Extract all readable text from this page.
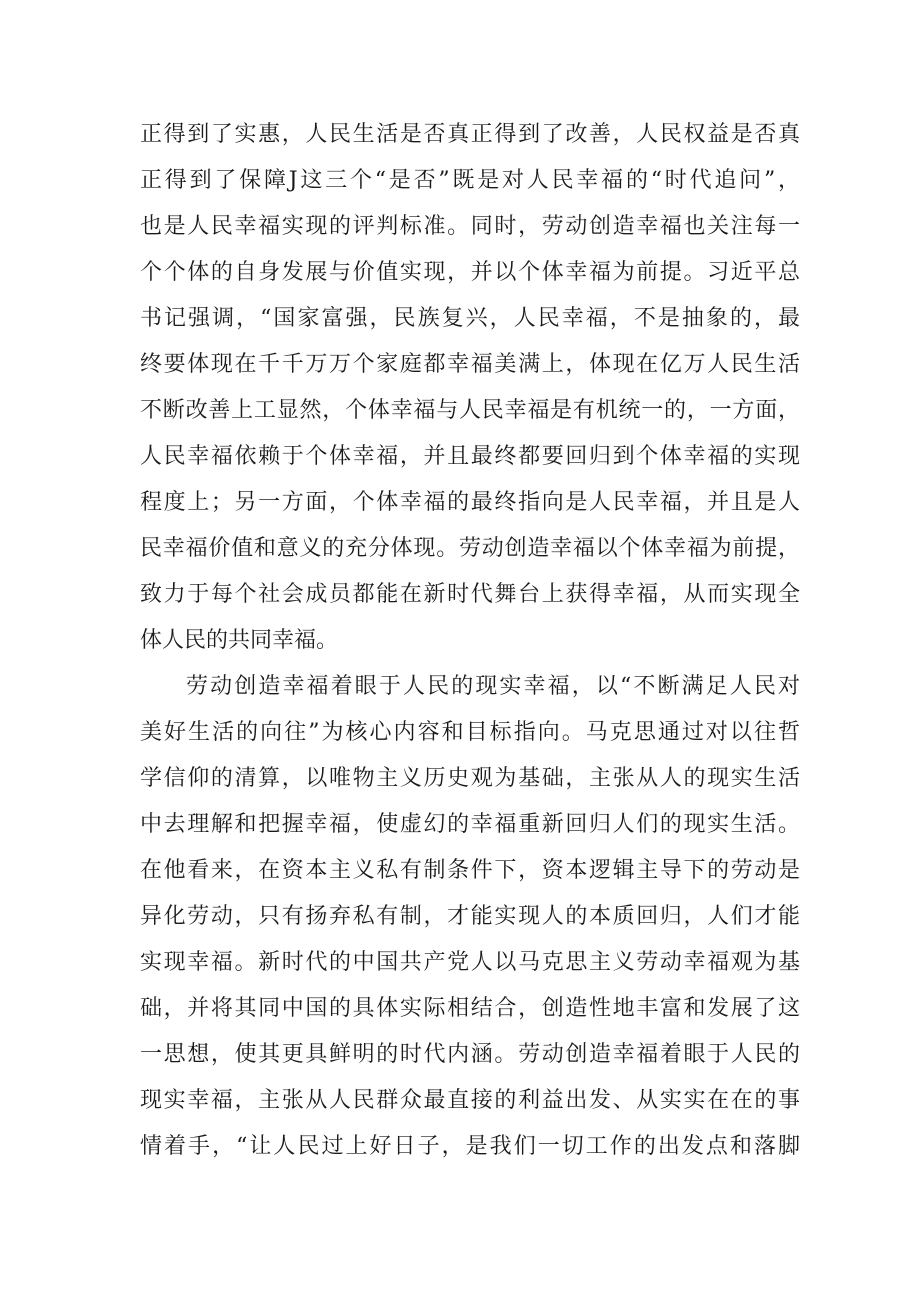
正得到了实惠，人民生活是否真正得到了改善，人民权益是否真
正得到了保障J这三个“是否”既是对人民幸福的“时代追问”，
也是人民幸福实现的评判标准。同时，劳动创造幸福也关注每一
个个体的自身发展与价值实现，并以个体幸福为前提。习近平总
书记强调，“国家富强，民族复兴，人民幸福，不是抽象的，最
终要体现在千千万万个家庭都幸福美满上，体现在亿万人民生活
不断改善上工显然，个体幸福与人民幸福是有机统一的，一方面，
人民幸福依赖于个体幸福，并且最终都要回归到个体幸福的实现
程度上；另一方面，个体幸福的最终指向是人民幸福，并且是人
民幸福价值和意义的充分体现。劳动创造幸福以个体幸福为前提，
致力于每个社会成员都能在新时代舞台上获得幸福，从而实现全
体人民的共同幸福。
劳动创造幸福着眼于人民的现实幸福，以“不断满足人民对
美好生活的向往”为核心内容和目标指向。马克思通过对以往哲
学信仰的清算，以唯物主义历史观为基础，主张从人的现实生活
中去理解和把握幸福，使虚幻的幸福重新回归人们的现实生活。
在他看来，在资本主义私有制条件下，资本逻辑主导下的劳动是
异化劳动，只有扬弃私有制，才能实现人的本质回归，人们才能
实现幸福。新时代的中国共产党人以马克思主义劳动幸福观为基
础，并将其同中国的具体实际相结合，创造性地丰富和发展了这
一思想，使其更具鲜明的时代内涵。劳动创造幸福着眼于人民的
现实幸福，主张从人民群众最直接的利益出发、从实实在在的事
情着手，“让人民过上好日子，是我们一切工作的出发点和落脚
